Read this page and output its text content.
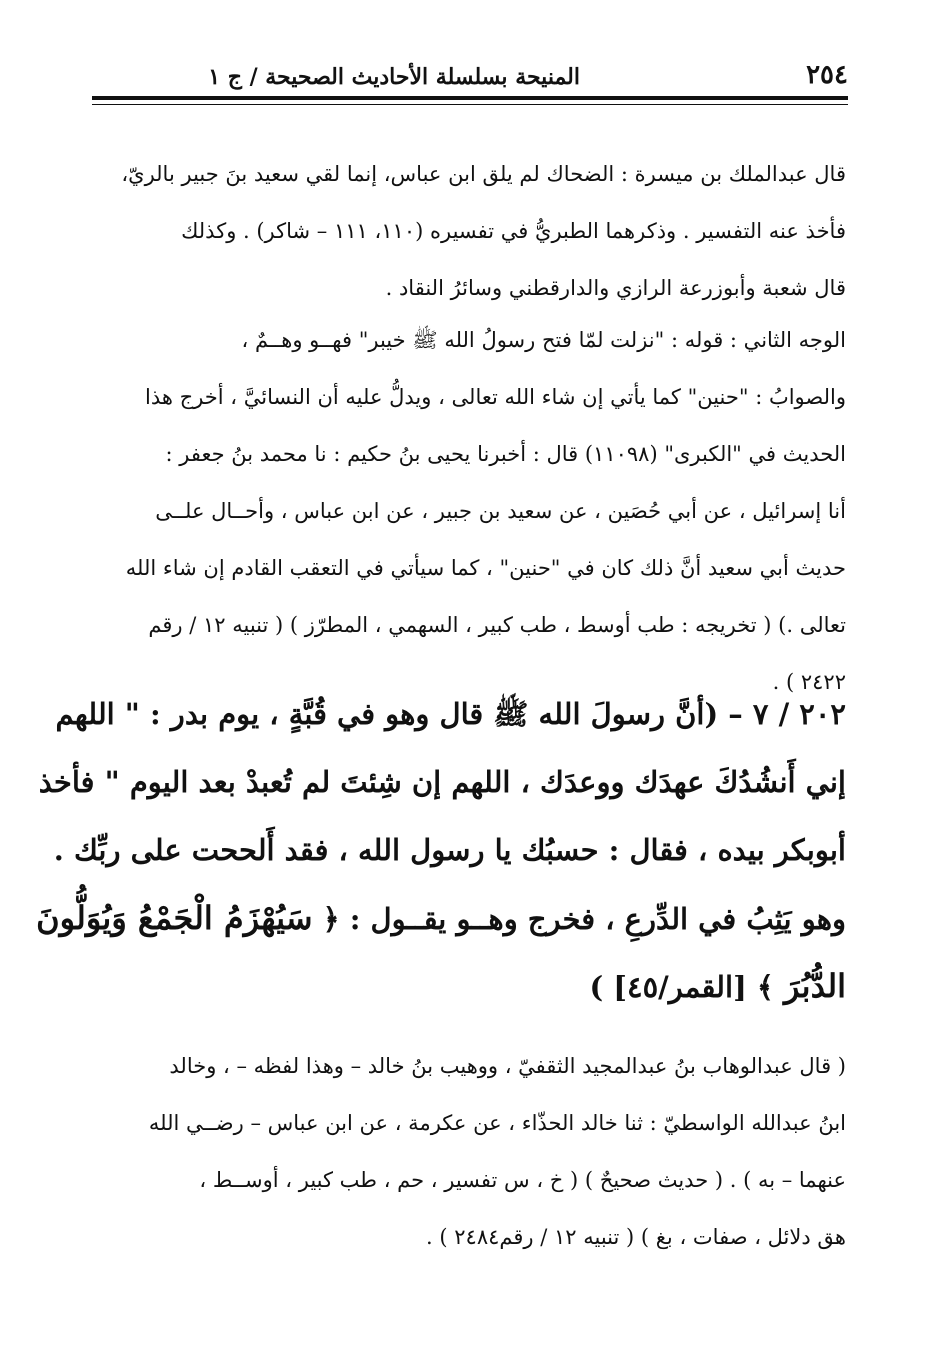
٢٥٤
المنيحة بسلسلة الأحاديث الصحيحة / ج ١
قال عبدالملك بن ميسرة : الضحاك لم يلق ابن عباس، إنما لقي سعيد بنَ جبير بالريّ،
فأخذ عنه التفسير . وذكرهما الطبريُّ في تفسيره (١١٠، ١١١ – شاكر) . وكذلك
قال شعبة وأبوزرعة الرازي والدارقطني وسائرُ النقاد .
الوجه الثاني : قوله : "نزلت لمّا فتح رسولُ الله ﷺ خيبر" فهــو وهــمٌ ،
والصوابُ : "حنين" كما يأتي إن شاء الله تعالى ، ويدلُّ عليه أن النسائيَّ ، أخرج هذا
الحديث في "الكبرى" (١١٠٩٨) قال : أخبرنا يحيى بنُ حكيم : نا محمد بنُ جعفر :
أنا إسرائيل ، عن أبي حُصَين ، عن سعيد بن جبير ، عن ابن عباس ، وأحــال علــى
حديث أبي سعيد أنَّ ذلك كان في "حنين" ، كما سيأتي في التعقب القادم إن شاء الله
تعالى .) ( تخريجه : طب أوسط ، طب كبير ، السهمي ، المطرّز ) ( تنبيه ١٢ / رقم
٢٤٢٢ ) .
٢٠٢ / ٧ – (أنَّ رسولَ الله ﷺ قال وهو في قُبَّةٍ ، يوم بدر : " اللهم
إني أَنشُدُكَ عهدَك ووعدَك ، اللهم إن شِئتَ لم تُعبدْ بعد اليوم " فأخذ
أبوبكر بيده ، فقال : حسبُك يا رسول الله ، فقد أَلححت على ربِّك .
وهو يَثِبُ في الدِّرعِ ، فخرج وهــو يقــول : ﴿ سَيُهْزَمُ الْجَمْعُ وَيُوَلُّونَ
الدُّبُرَ ﴾ [القمر/٤٥] )
( قال عبدالوهاب بنُ عبدالمجيد الثقفيّ ، ووهيب بنُ خالد – وهذا لفظه – ، وخالد
ابنُ عبدالله الواسطيّ : ثنا خالد الحذّاء ، عن عكرمة ، عن ابن عباس – رضــي الله
عنهما – به ) . ( حديث صحيحٌ ) ( خ ، س تفسير ، حم ، طب كبير ، أوســط ،
هق دلائل ، صفات ، بغ ) ( تنبيه ١٢ / رقم٢٤٨٤ ) .
